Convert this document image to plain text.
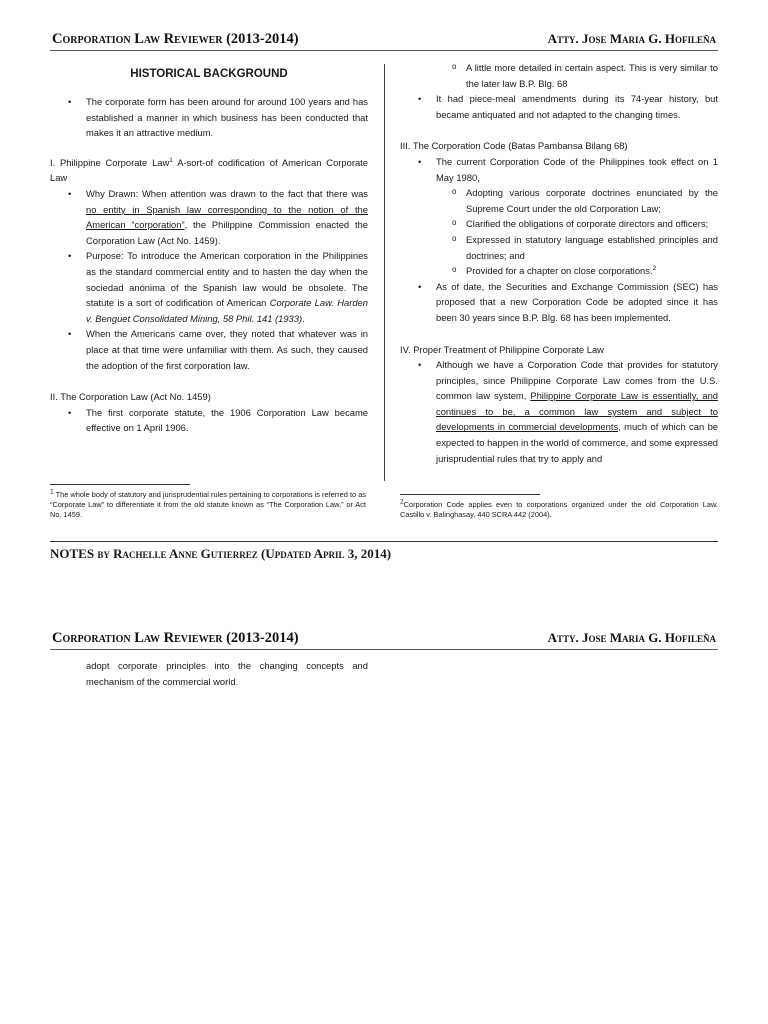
Corporation Law Reviewer (2013-2014)	Atty. Jose Maria G. Hofileña
HISTORICAL BACKGROUND
• The corporate form has been around for around 100 years and has established a manner in which business has been conducted that makes it an attractive medium.
I. Philippine Corporate Law$^1$ A-sort-of codification of American Corporate Law
• Why Drawn: When attention was drawn to the fact that there was no entity in Spanish law corresponding to the notion of the American “corporation”, the Philippine Commission enacted the Corporation Law (Act No. 1459).
• Purpose: To introduce the American corporation in the Philippines as the standard commercial entity and to hasten the day when the sociedad anónima of the Spanish law would be obsolete. The statute is a sort of codification of American Corporate Law. Harden v. Benguet Consolidated Mining, 58 Phil. 141 (1933).
• When the Americans came over, they noted that whatever was in place at that time were unfamiliar with them. As such, they caused the adoption of the first corporation law.
II. The Corporation Law (Act No. 1459)
• The first corporate statute, the 1906 Corporation Law became effective on 1 April 1906.
$^1$ The whole body of statutory and jurisprudential rules pertaining to corporations is referred to as “Corporate Law” to differentiate it from the old statute known as “The Corporation Law,” or Act No. 1459.
o A little more detailed in certain aspect. This is very similar to the later law B.P. Blg. 68
• It had piece-meal amendments during its 74-year history, but became antiquated and not adapted to the changing times.
III. The Corporation Code (Batas Pambansa Bilang 68)
• The current Corporation Code of the Philippines took effect on 1 May 1980,
o Adopting various corporate doctrines enunciated by the Supreme Court under the old Corporation Law;
o Clarified the obligations of corporate directors and officers;
o Expressed in statutory language established principles and doctrines; and
o Provided for a chapter on close corporations.$^2$
• As of date, the Securities and Exchange Commission (SEC) has proposed that a new Corporation Code be adopted since it has been 30 years since B.P. Blg. 68 has been implemented.
IV. Proper Treatment of Philippine Corporate Law
• Although we have a Corporation Code that provides for statutory principles, since Philippine Corporate Law comes from the U.S. common law system, Philippine Corporate Law is essentially, and continues to be, a common law system and subject to developments in commercial developments, much of which can be expected to happen in the world of commerce, and some expressed jurisprudential rules that try to apply and
$^2$Corporation Code applies even to corporations organized under the old Corporation Law. Castillo v. Balinghasay, 440 SCRA 442 (2004).
NOTES by Rachelle Anne Gutierrez (Updated April 3, 2014)
Corporation Law Reviewer (2013-2014)	Atty. Jose Maria G. Hofileña
adopt corporate principles into the changing concepts and mechanism of the commercial world.
